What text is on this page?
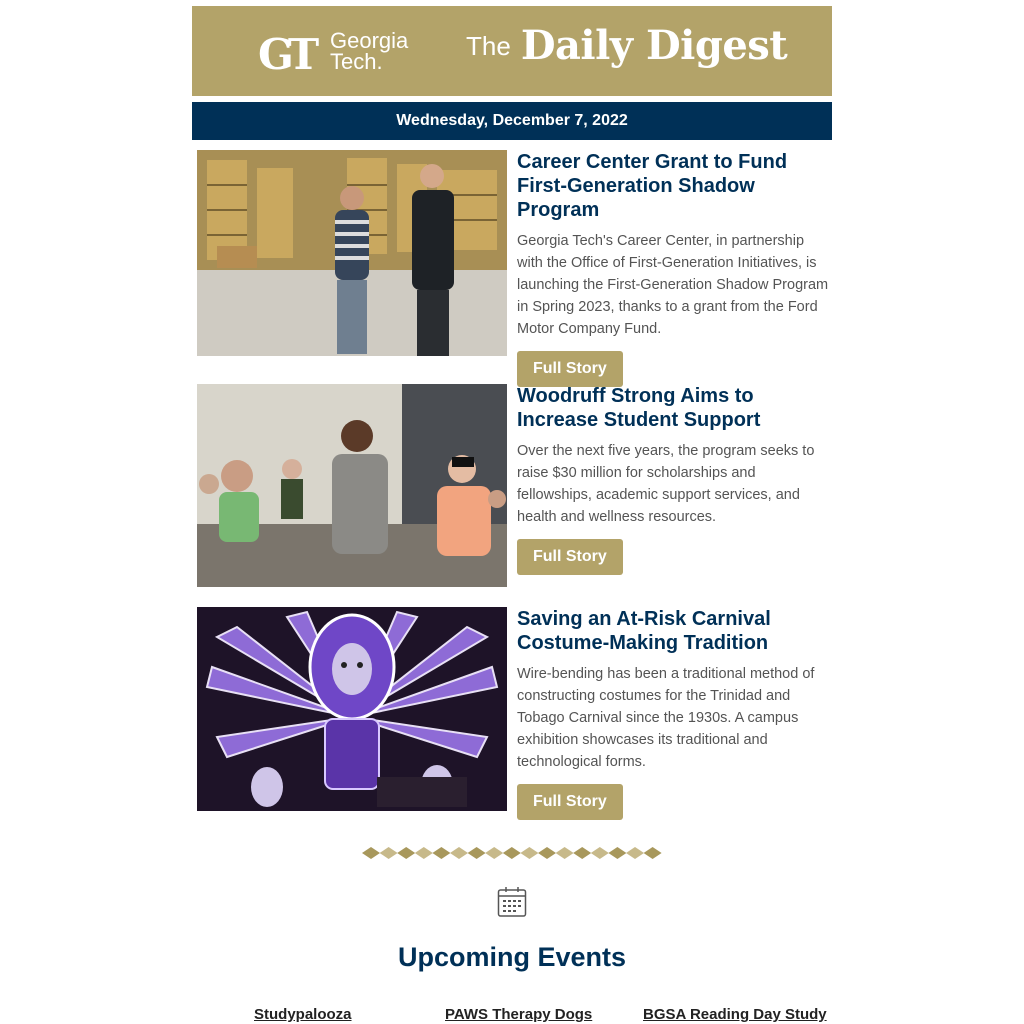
GT Georgia
Tech.
The Daily Digest
Wednesday, December 7, 2022
Career Center Grant to Fund First-Generation Shadow Program

Georgia Tech's Career Center, in partnership with the Office of First-Generation Initiatives, is launching the First-Generation Shadow Program in Spring 2023, thanks to a grant from the Ford Motor Company Fund.

Full Story
Woodruff Strong Aims to Increase Student Support

Over the next five years, the program seeks to raise $30 million for scholarships and fellowships, academic support services, and health and wellness resources.

Full Story
Saving an At-Risk Carnival Costume-Making Tradition

Wire-bending has been a traditional method of constructing costumes for the Trinidad and Tobago Carnival since the 1930s. A campus exhibition showcases its traditional and technological forms.

Full Story
Upcoming Events
Studypalooza	PAWS Therapy Dogs	BGSA Reading Day Study
